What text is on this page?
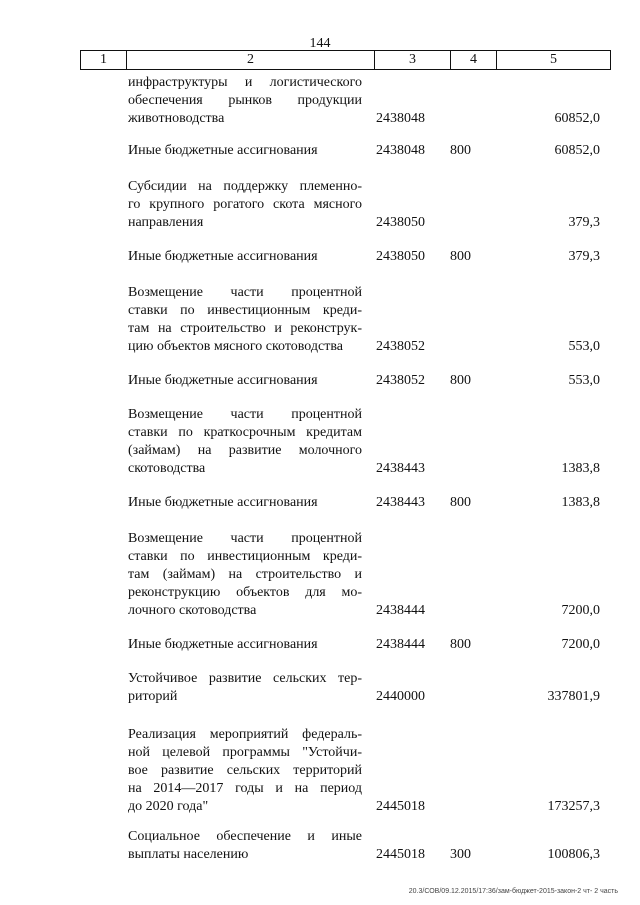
144
1	2	3	4	5
инфраструктуры и логистического
обеспечения рынков продукции
животноводства	2438048	60852,0
Иные бюджетные ассигнования	2438048 800	60852,0
Субсидии на поддержку племенно-
го крупного рогатого скота мясного
направления	2438050	379,3
Иные бюджетные ассигнования	2438050 800	379,3
Возмещение части процентной
ставки по инвестиционным креди-
там на строительство и реконструк-
цию объектов мясного скотоводства	2438052	553,0
Иные бюджетные ассигнования	2438052 800	553,0
Возмещение части процентной
ставки по краткосрочным кредитам
(займам) на развитие молочного
скотоводства	2438443	1383,8
Иные бюджетные ассигнования	2438443 800	1383,8
Возмещение части процентной
ставки по инвестиционным креди-
там (займам) на строительство и
реконструкцию объектов для мо-
лочного скотоводства	2438444	7200,0
Иные бюджетные ассигнования	2438444 800	7200,0
Устойчивое развитие сельских тер-
риторий	2440000	337801,9
Реализация мероприятий федераль-
ной целевой программы "Устойчи-
вое развитие сельских территорий
на 2014—2017 годы и на период
до 2020 года"	2445018	173257,3
Социальное обеспечение и иные
выплаты населению	2445018 300	100806,3
20.3/СОВ/09.12.2015/17:36/зам-бюджет-2015-закон-2 чт- 2 часть
